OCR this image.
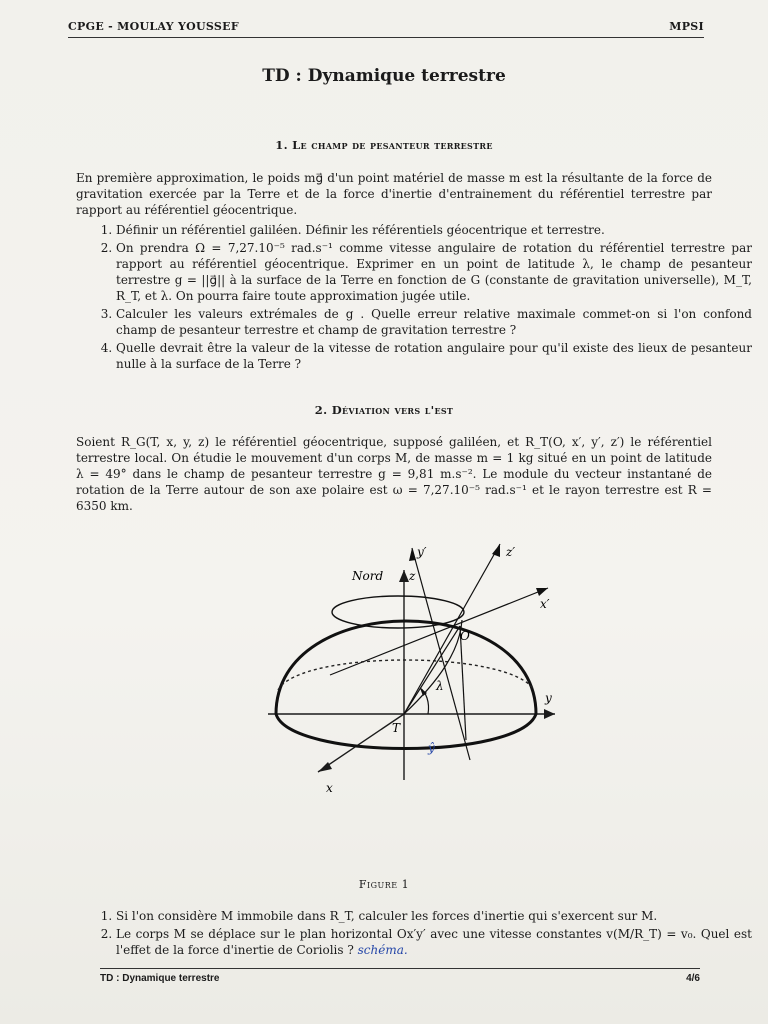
CPGE - MOULAY YOUSSEF	MPSI
TD : Dynamique terrestre
1. Le champ de pesanteur terrestre
En première approximation, le poids mg⃗ d'un point matériel de masse m est la résultante de la force de gravitation exercée par la Terre et de la force d'inertie d'entrainement du référentiel terrestre par rapport au référentiel géocentrique.
1. Définir un référentiel galiléen. Définir les référentiels géocentrique et terrestre.
2. On prendra Ω = 7,27.10⁻⁵ rad.s⁻¹ comme vitesse angulaire de rotation du référentiel terrestre par rapport au référentiel géocentrique. Exprimer en un point de latitude λ, le champ de pesanteur terrestre g = ||g⃗|| à la surface de la Terre en fonction de G (constante de gravitation universelle), M_T, R_T, et λ. On pourra faire toute approximation jugée utile.
3. Calculer les valeurs extrémales de g . Quelle erreur relative maximale commet-on si l'on confond champ de pesanteur terrestre et champ de gravitation terrestre ?
4. Quelle devrait être la valeur de la vitesse de rotation angulaire pour qu'il existe des lieux de pesanteur nulle à la surface de la Terre ?
2. Déviation vers l'est
Soient R_G(T, x, y, z) le référentiel géocentrique, supposé galiléen, et R_T(O, x′, y′, z′) le référentiel terrestre local. On étudie le mouvement d'un corps M, de masse m = 1 kg situé en un point de latitude λ = 49° dans le champ de pesanteur terrestre g = 9,81 m.s⁻². Le module du vecteur instantané de rotation de la Terre autour de son axe polaire est ω = 7,27.10⁻⁵ rad.s⁻¹ et le rayon terrestre est R = 6350 km.
Nord z
y′	z′
x′
O
λ
T
y
x
ŷ
Figure 1
1. Si l'on considère M immobile dans R_T, calculer les forces d'inertie qui s'exercent sur M.
2. Le corps M se déplace sur le plan horizontal Ox′y′ avec une vitesse constantes v(M/R_T) = v₀. Quel est l'effet de la force d'inertie de Coriolis ? schéma.
TD : Dynamique terrestre	4/6
